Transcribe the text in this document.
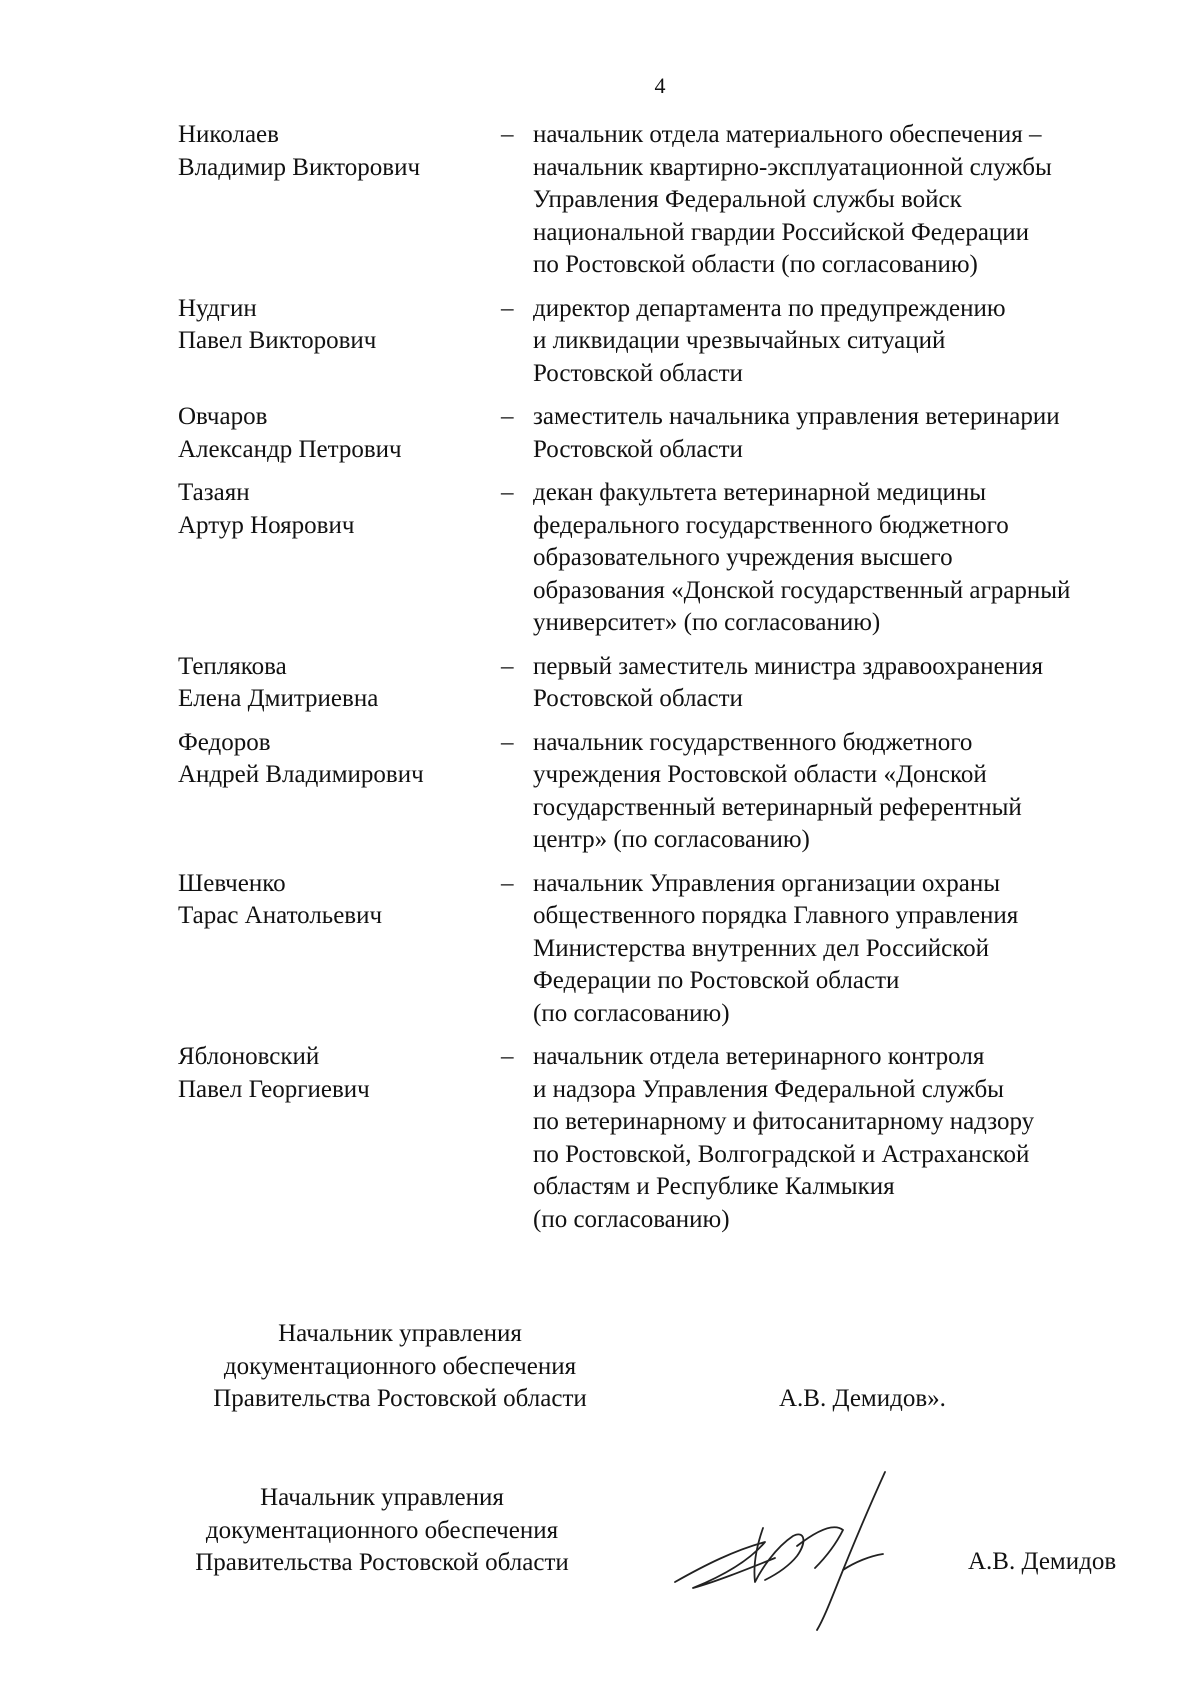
4
Николаев
Владимир Викторович
– начальник отдела материального обеспечения –
начальник квартирно-эксплуатационной службы
Управления Федеральной службы войск
национальной гвардии Российской Федерации
по Ростовской области (по согласованию)
Нудгин
Павел Викторович
– директор департамента по предупреждению
и ликвидации чрезвычайных ситуаций
Ростовской области
Овчаров
Александр Петрович
– заместитель начальника управления ветеринарии
Ростовской области
Тазаян
Артур Ноярович
– декан факультета ветеринарной медицины
федерального государственного бюджетного
образовательного учреждения высшего
образования «Донской государственный аграрный
университет» (по согласованию)
Теплякова
Елена Дмитриевна
– первый заместитель министра здравоохранения
Ростовской области
Федоров
Андрей Владимирович
– начальник государственного бюджетного
учреждения Ростовской области «Донской
государственный ветеринарный референтный
центр» (по согласованию)
Шевченко
Тарас Анатольевич
– начальник Управления организации охраны
общественного порядка Главного управления
Министерства внутренних дел Российской
Федерации по Ростовской области
(по согласованию)
Яблоновский
Павел Георгиевич
– начальник отдела ветеринарного контроля
и надзора Управления Федеральной службы
по ветеринарному и фитосанитарному надзору
по Ростовской, Волгоградской и Астраханской
областям и Республике Калмыкия
(по согласованию)
Начальник управления
документационного обеспечения
Правительства Ростовской области	А.В. Демидов».
Начальник управления
документационного обеспечения
Правительства Ростовской области	А.В. Демидов
